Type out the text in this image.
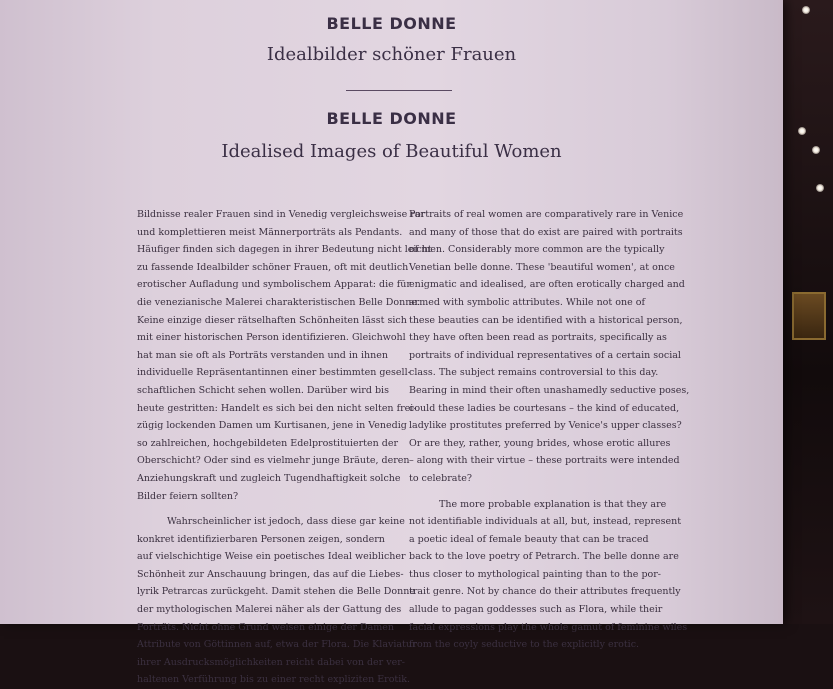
BELLE DONNE
Idealbilder schöner Frauen
BELLE DONNE
Idealised Images of Beautiful Women
Bildnisse realer Frauen sind in Venedig vergleichsweise rar
und komplettieren meist Männerporträts als Pendants.
Häufiger finden sich dagegen in ihrer Bedeutung nicht leicht
zu fassende Idealbilder schöner Frauen, oft mit deutlich
erotischer Aufladung und symbolischem Apparat: die für
die venezianische Malerei charakteristischen Belle Donne.
Keine einzige dieser rätselhaften Schönheiten lässt sich
mit einer historischen Person identifizieren. Gleichwohl
hat man sie oft als Porträts verstanden und in ihnen
individuelle Repräsentantinnen einer bestimmten gesell-
schaftlichen Schicht sehen wollen. Darüber wird bis
heute gestritten: Handelt es sich bei den nicht selten frei-
zügig lockenden Damen um Kurtisanen, jene in Venedig
so zahlreichen, hochgebildeten Edelprostituierten der
Oberschicht? Oder sind es vielmehr junge Bräute, deren
Anziehungskraft und zugleich Tugendhaftigkeit solche
Bilder feiern sollten?
Wahrscheinlicher ist jedoch, dass diese gar keine
konkret identifizierbaren Personen zeigen, sondern
auf vielschichtige Weise ein poetisches Ideal weiblicher
Schönheit zur Anschauung bringen, das auf die Liebes-
lyrik Petrarcas zurückgeht. Damit stehen die Belle Donne
der mythologischen Malerei näher als der Gattung des
Porträts. Nicht ohne Grund weisen einige der Damen
Attribute von Göttinnen auf, etwa der Flora. Die Klaviatur
ihrer Ausdrucksmöglichkeiten reicht dabei von der ver-
haltenen Verführung bis zu einer recht expliziten Erotik.
Portraits of real women are comparatively rare in Venice
and many of those that do exist are paired with portraits
of men. Considerably more common are the typically
Venetian belle donne. These 'beautiful women', at once
enigmatic and idealised, are often erotically charged and
armed with symbolic attributes. While not one of
these beauties can be identified with a historical person,
they have often been read as portraits, specifically as
portraits of individual representatives of a certain social
class. The subject remains controversial to this day.
Bearing in mind their often unashamedly seductive poses,
could these ladies be courtesans – the kind of educated,
ladylike prostitutes preferred by Venice's upper classes?
Or are they, rather, young brides, whose erotic allures
– along with their virtue – these portraits were intended
to celebrate?
The more probable explanation is that they are
not identifiable individuals at all, but, instead, represent
a poetic ideal of female beauty that can be traced
back to the love poetry of Petrarch. The belle donne are
thus closer to mythological painting than to the por-
trait genre. Not by chance do their attributes frequently
allude to pagan goddesses such as Flora, while their
facial expressions play the whole gamut of feminine wiles
from the coyly seductive to the explicitly erotic.
